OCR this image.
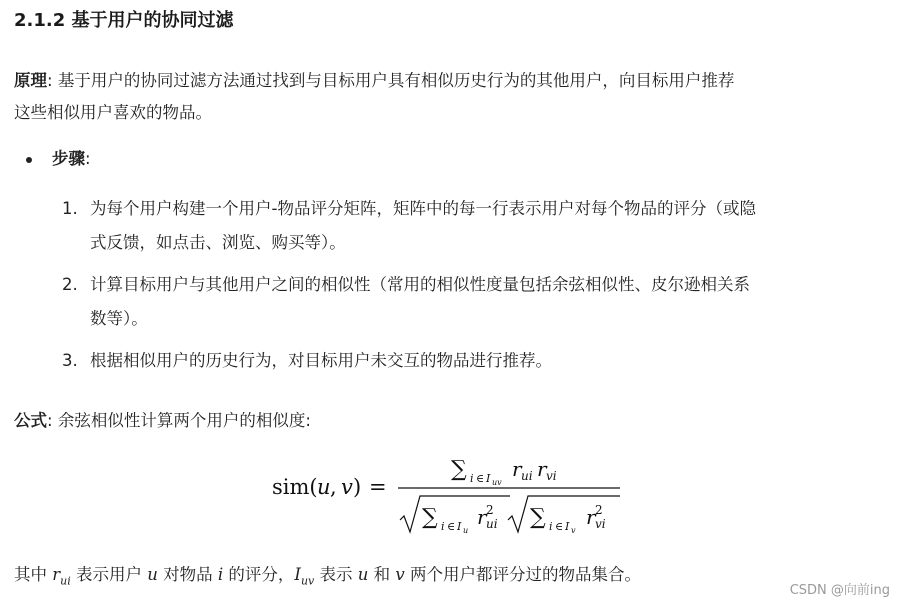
2.1.2 基于用户的协同过滤

原理: 基于用户的协同过滤方法通过找到与目标用户具有相似历史行为的其他用户，向目标用户推荐

这些相似用户喜欢的物品。

步骤:

1. 为每个用户构建一个用户-物品评分矩阵，矩阵中的每一行表示用户对每个物品的评分（或隐
式反馈，如点击、浏览、购买等）。
2. 计算目标用户与其他用户之间的相似性（常用的相似性度量包括余弦相似性、皮尔逊相关系
数等）。
3. 根据相似用户的历史行为，对目标用户未交互的物品进行推荐。

公式: 余弦相似性计算两个用户的相似度:

sim( u , v ) =
∑ i ∈ I uv
r ui r vi
∑ i ∈ I u
r 2
ui ∑ i ∈ I v
r 2
vi

其中 $r_{ui}$ 表示用户 u 对物品 i 的评分，$I_{uv}$ 表示 u 和 v 两个用户都评分过的物品集合。

CSDN @向前ing
